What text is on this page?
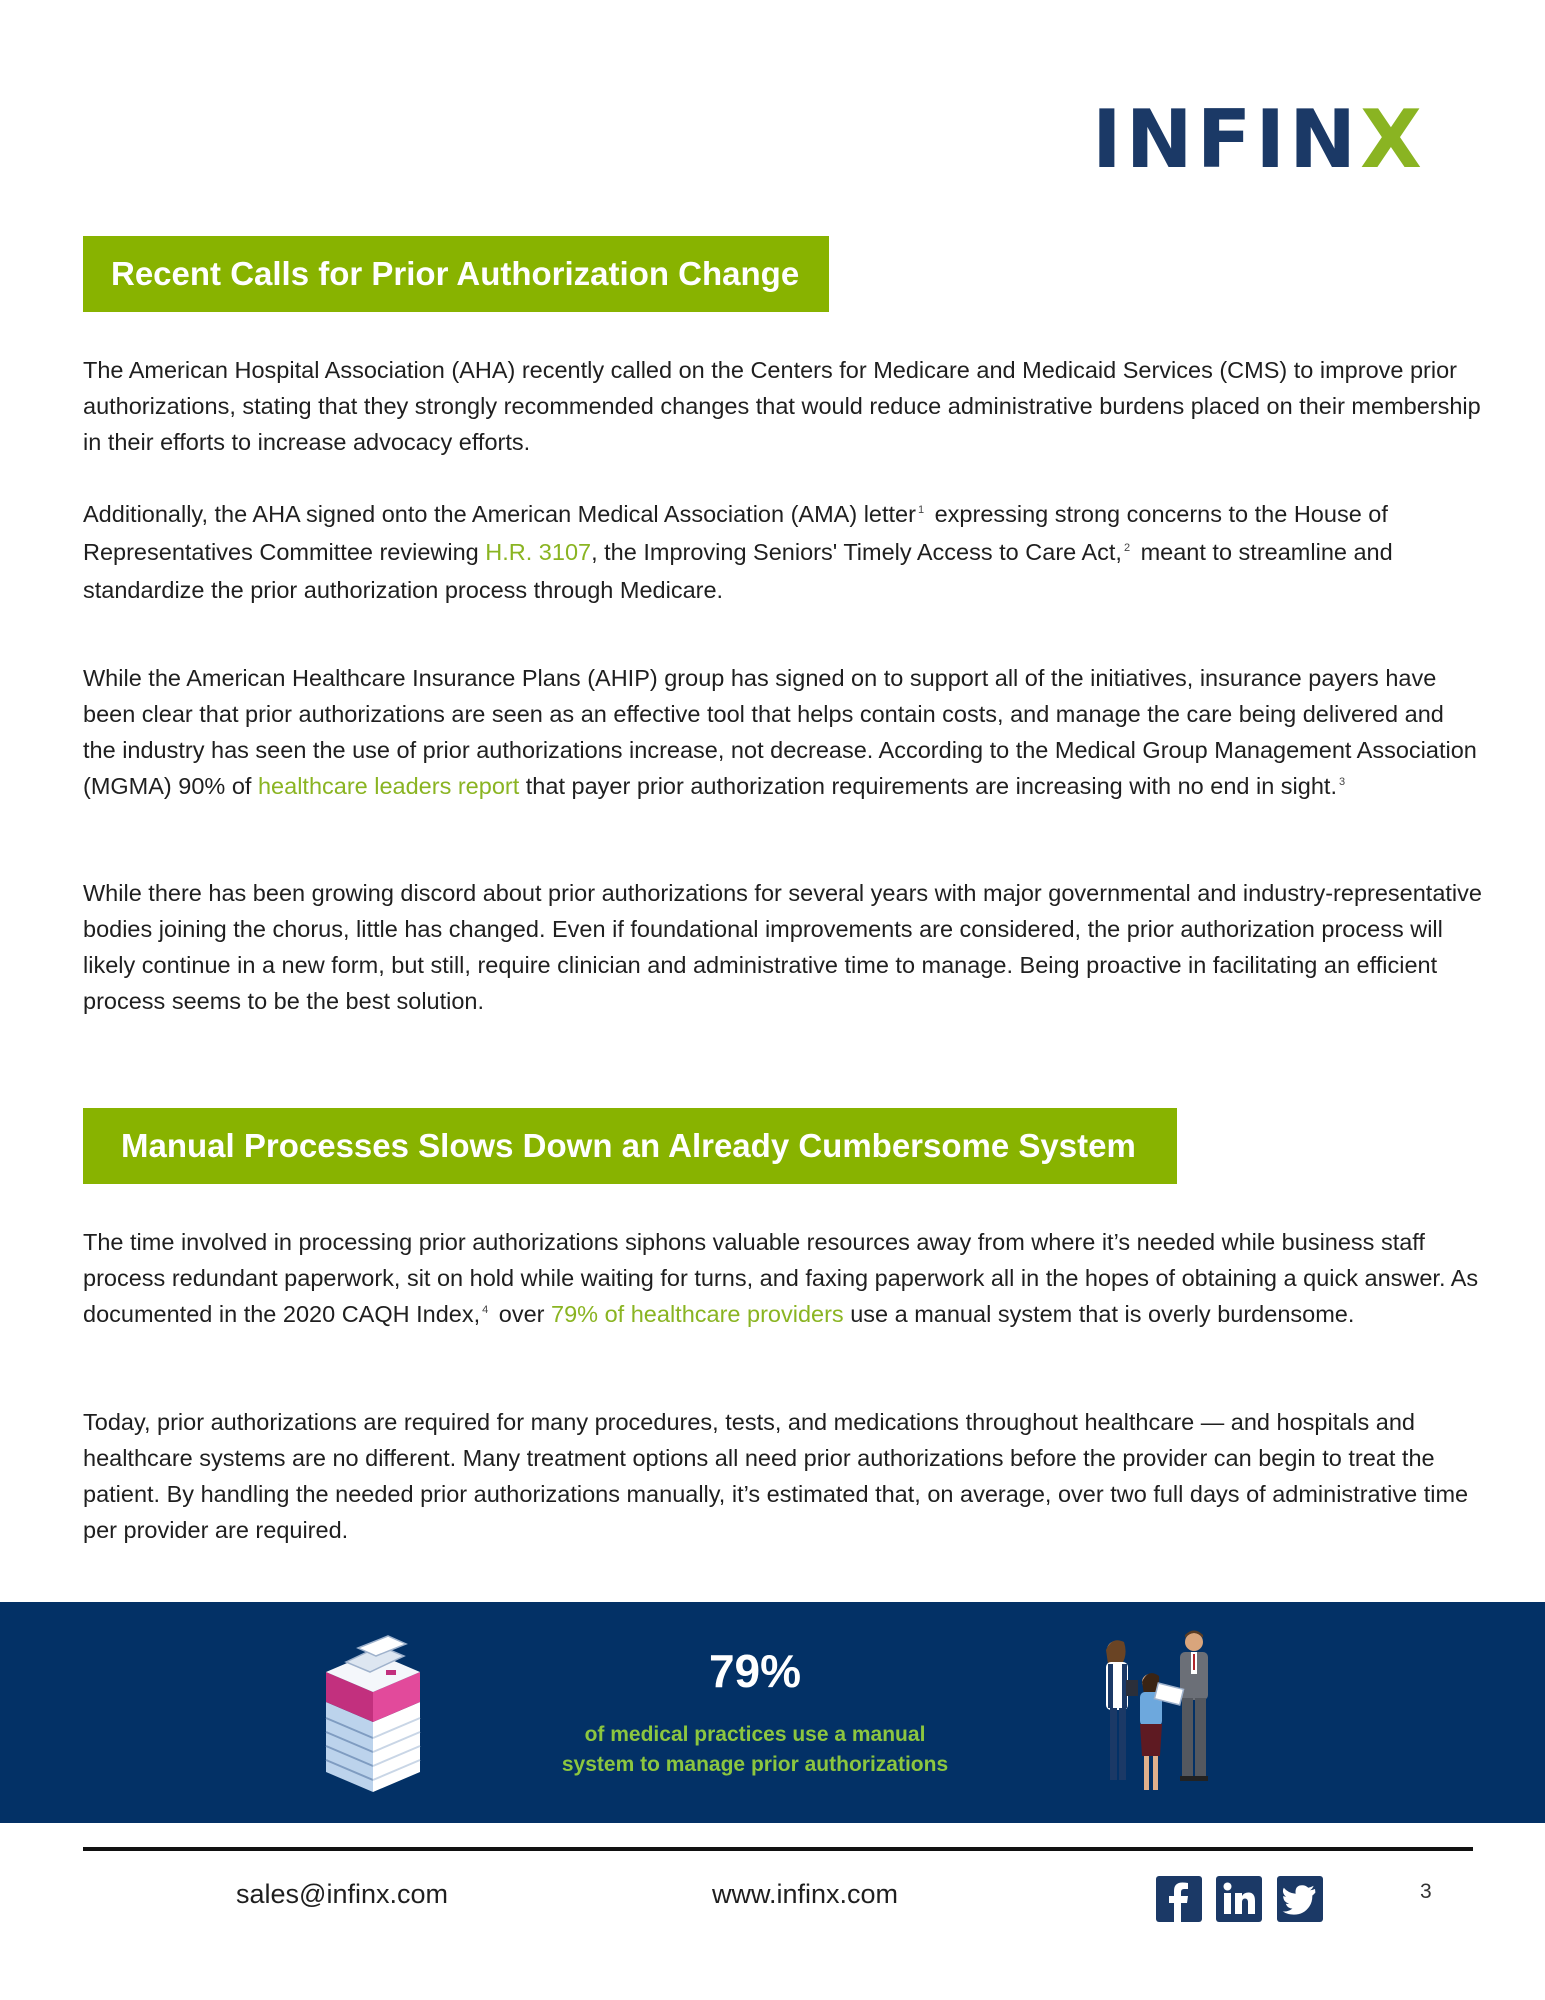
INFINX
Recent Calls for Prior Authorization Change

The American Hospital Association (AHA) recently called on the Centers for Medicare and Medicaid Services (CMS) to improve prior authorizations, stating that they strongly recommended changes that would reduce administrative burdens placed on their membership in their efforts to increase advocacy efforts.

Additionally, the AHA signed onto the American Medical Association (AMA) letter $^1$ expressing strong concerns to the House of Representatives Committee reviewing H.R. 3107, the Improving Seniors' Timely Access to Care Act, $^2$ meant to streamline and standardize the prior authorization process through Medicare.

While the American Healthcare Insurance Plans (AHIP) group has signed on to support all of the initiatives, insurance payers have been clear that prior authorizations are seen as an effective tool that helps contain costs, and manage the care being delivered and the industry has seen the use of prior authorizations increase, not decrease. According to the Medical Group Management Association (MGMA) 90% of healthcare leaders report that payer prior authorization requirements are increasing with no end in sight. $^3$

While there has been growing discord about prior authorizations for several years with major governmental and industry-representative bodies joining the chorus, little has changed. Even if foundational improvements are considered, the prior authorization process will likely continue in a new form, but still, require clinician and administrative time to manage. Being proactive in facilitating an efficient process seems to be the best solution.

Manual Processes Slows Down an Already Cumbersome System

The time involved in processing prior authorizations siphons valuable resources away from where it’s needed while business staff process redundant paperwork, sit on hold while waiting for turns, and faxing paperwork all in the hopes of obtaining a quick answer. As documented in the 2020 CAQH Index, $^4$ over 79% of healthcare providers use a manual system that is overly burdensome.

Today, prior authorizations are required for many procedures, tests, and medications throughout healthcare — and hospitals and healthcare systems are no different. Many treatment options all need prior authorizations before the provider can begin to treat the patient. By handling the needed prior authorizations manually, it’s estimated that, on average, over two full days of administrative time per provider are required.

79%
of medical practices use a manual
system to manage prior authorizations
sales@infinx.com	www.infinx.com	3
